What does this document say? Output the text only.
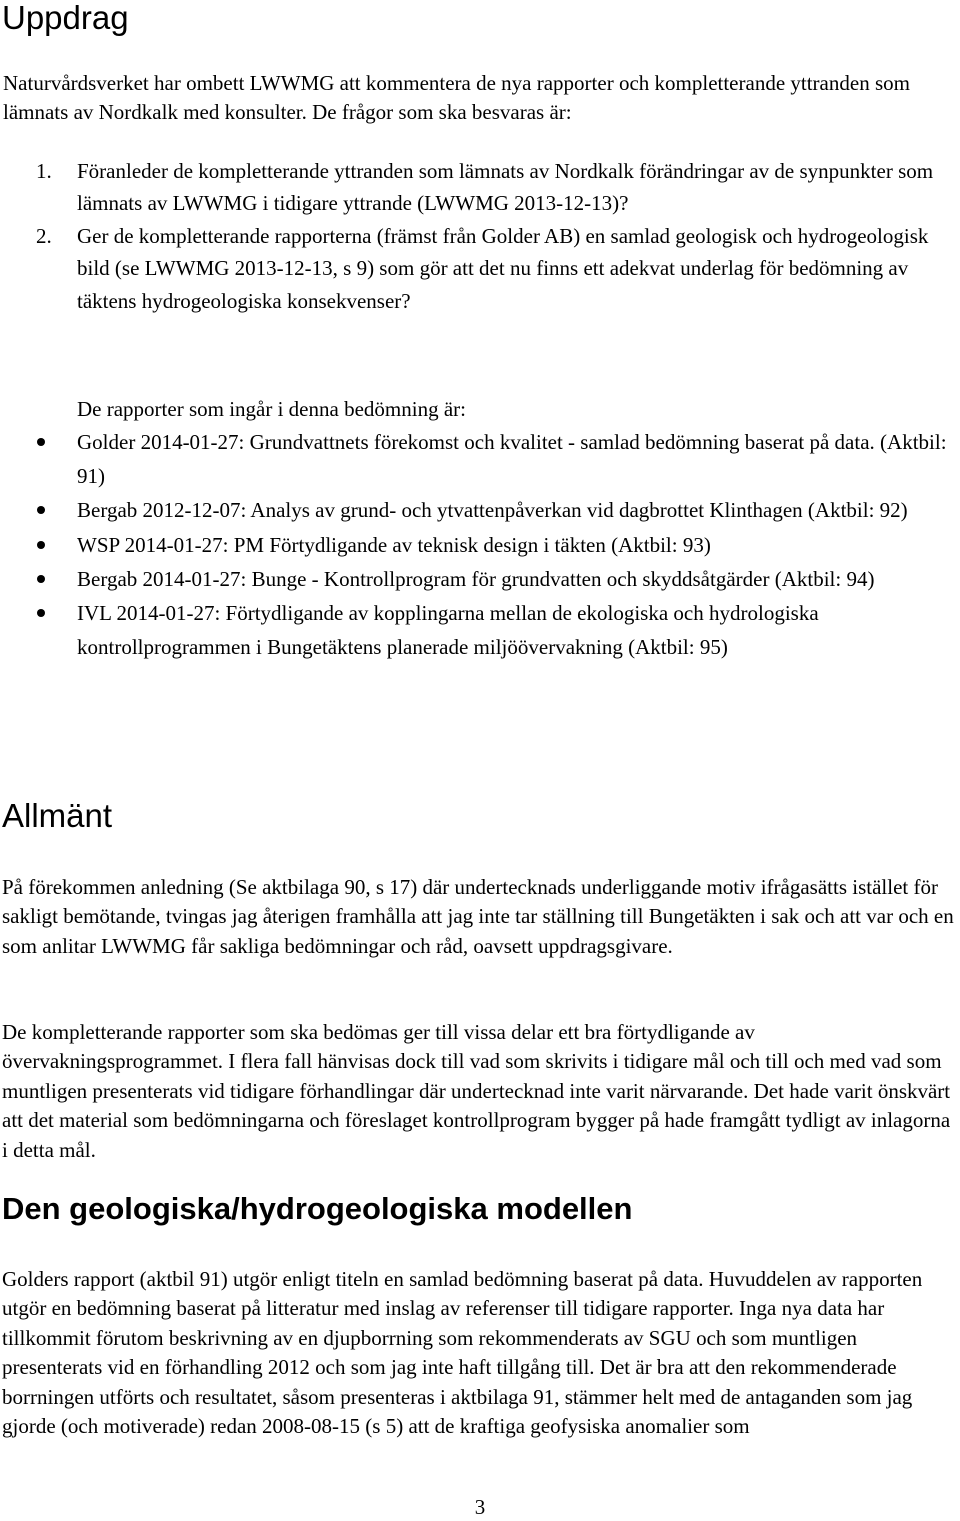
Uppdrag

Naturvårdsverket har ombett LWWMG att kommentera de nya rapporter och kompletterande yttranden som lämnats av Nordkalk med konsulter. De frågor som ska besvaras är:

1. Föranleder de kompletterande yttranden som lämnats av Nordkalk förändringar av de synpunkter som lämnats av LWWMG i tidigare yttrande (LWWMG 2013-12-13)?
2. Ger de kompletterande rapporterna (främst från Golder AB) en samlad geologisk och hydrogeologisk bild (se LWWMG 2013-12-13, s 9) som gör att det nu finns ett adekvat underlag för bedömning av täktens hydrogeologiska konsekvenser?

De rapporter som ingår i denna bedömning är:

Golder 2014-01-27: Grundvattnets förekomst och kvalitet - samlad bedömning baserat på data. (Aktbil: 91)
Bergab 2012-12-07: Analys av grund- och ytvattenpåverkan vid dagbrottet Klinthagen (Aktbil: 92)
WSP 2014-01-27: PM Förtydligande av teknisk design i täkten (Aktbil: 93)
Bergab 2014-01-27: Bunge - Kontrollprogram för grundvatten och skyddsåtgärder (Aktbil: 94)
IVL 2014-01-27: Förtydligande av kopplingarna mellan de ekologiska och hydrologiska kontrollprogrammen i Bungetäktens planerade miljöövervakning (Aktbil: 95)
Allmänt

På förekommen anledning (Se aktbilaga 90, s 17) där undertecknads underliggande motiv ifrågasätts istället för sakligt bemötande, tvingas jag återigen framhålla att jag inte tar ställning till Bungetäkten i sak och att var och en som anlitar LWWMG får sakliga bedömningar och råd, oavsett uppdragsgivare.

De kompletterande rapporter som ska bedömas ger till vissa delar ett bra förtydligande av övervakningsprogrammet. I flera fall hänvisas dock till vad som skrivits i tidigare mål och till och med vad som muntligen presenterats vid tidigare förhandlingar där undertecknad inte varit närvarande. Det hade varit önskvärt att det material som bedömningarna och föreslaget kontrollprogram bygger på hade framgått tydligt av inlagorna i detta mål.

Den geologiska/hydrogeologiska modellen

Golders rapport (aktbil 91) utgör enligt titeln en samlad bedömning baserat på data. Huvuddelen av rapporten utgör en bedömning baserat på litteratur med inslag av referenser till tidigare rapporter. Inga nya data har tillkommit förutom beskrivning av en djupborrning som rekommenderats av SGU och som muntligen presenterats vid en förhandling 2012 och som jag inte haft tillgång till. Det är bra att den rekommenderade borrningen utförts och resultatet, såsom presenteras i aktbilaga 91, stämmer helt med de antaganden som jag gjorde (och motiverade) redan 2008-08-15 (s 5) att de kraftiga geofysiska anomalier som

3
